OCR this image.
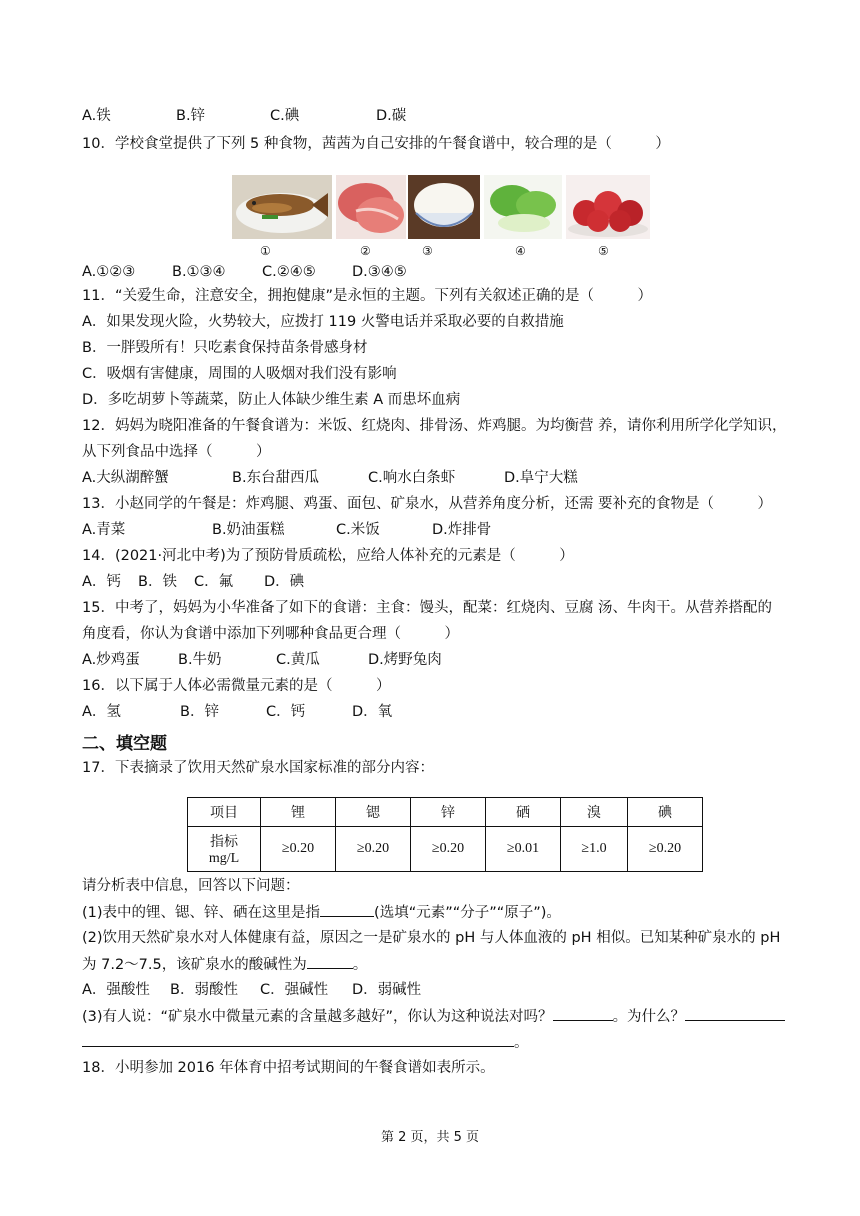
A.铁	B.锌	C.碘	D.碳
10．学校食堂提供了下列 5 种食物，茜茜为自己安排的午餐食谱中，较合理的是（　　　）
①	②	③	④	⑤
A.①②③	B.①③④	C.②④⑤	D.③④⑤
11．“关爱生命，注意安全，拥抱健康”是永恒的主题。下列有关叙述正确的是（　　　）
A．如果发现火险，火势较大，应拨打 119 火警电话并采取必要的自救措施
B．一胖毁所有！只吃素食保持苗条骨感身材
C．吸烟有害健康，周围的人吸烟对我们没有影响
D．多吃胡萝卜等蔬菜，防止人体缺少维生素 A 而患坏血病
12．妈妈为晓阳准备的午餐食谱为：米饭、红烧肉、排骨汤、炸鸡腿。为均衡营 养，请你利用所学化学知识，
从下列食品中选择（　　　）
A.大纵湖醉蟹	B.东台甜西瓜	C.响水白条虾	D.阜宁大糕
13．小赵同学的午餐是：炸鸡腿、鸡蛋、面包、矿泉水，从营养角度分析，还需 要补充的食物是（　　　）
A.青菜	B.奶油蛋糕	C.米饭	D.炸排骨
14．(2021·河北中考)为了预防骨质疏松，应给人体补充的元素是（　　　）
A．钙 B．铁 C．氟 D．碘
15．中考了，妈妈为小华准备了如下的食谱：主食：馒头，配菜：红烧肉、豆腐 汤、牛肉干。从营养搭配的
角度看，你认为食谱中添加下列哪种食品更合理（　　　）
A.炒鸡蛋	B.牛奶	C.黄瓜	D.烤野兔肉
16．以下属于人体必需微量元素的是（　　　）
A．氢	B．锌	C．钙	D．氧
二、填空题
17．下表摘录了饮用天然矿泉水国家标准的部分内容：
项目	锂	锶	锌	硒	溴	碘

指标
mg/L	≥0.20	≥0.20	≥0.20	≥0.01	≥1.0	≥0.20
请分析表中信息，回答以下问题：
(1)表中的锂、锶、锌、硒在这里是指	(选填“元素”“分子”“原子”)。
(2)饮用天然矿泉水对人体健康有益，原因之一是矿泉水的 pH 与人体血液的 pH 相似。已知某种矿泉水的 pH
为 7.2～7.5，该矿泉水的酸碱性为	。
A．强酸性 B．弱酸性 C．强碱性 D．弱碱性
(3)有人说：“矿泉水中微量元素的含量越多越好”，你认为这种说法对吗？	。为什么？
。
18．小明参加 2016 年体育中招考试期间的午餐食谱如表所示。
第 2 页，共 5 页
